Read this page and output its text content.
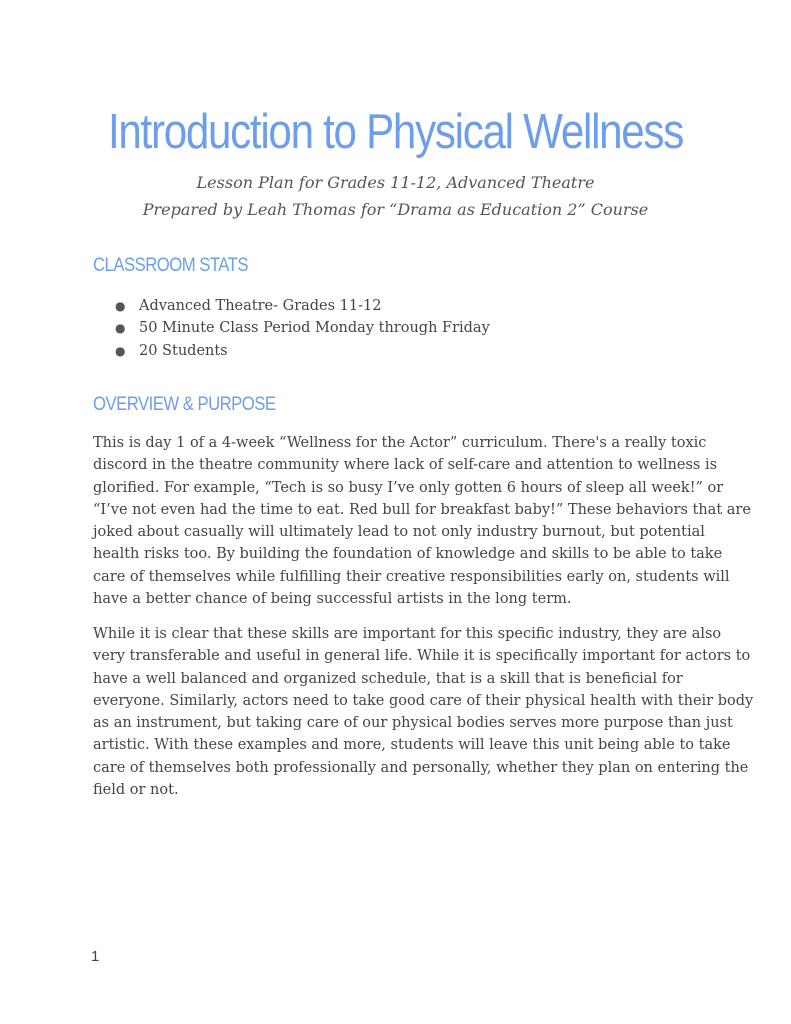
Introduction to Physical Wellness
Lesson Plan for Grades 11-12, Advanced Theatre
Prepared by Leah Thomas for “Drama as Education 2” Course
CLASSROOM STATS
● Advanced Theatre- Grades 11-12
● 50 Minute Class Period Monday through Friday
● 20 Students
OVERVIEW & PURPOSE
This is day 1 of a 4-week “Wellness for the Actor” curriculum. There's a really toxic
discord in the theatre community where lack of self-care and attention to wellness is
glorified. For example, “Tech is so busy I’ve only gotten 6 hours of sleep all week!” or
“I’ve not even had the time to eat. Red bull for breakfast baby!” These behaviors that are
joked about casually will ultimately lead to not only industry burnout, but potential
health risks too. By building the foundation of knowledge and skills to be able to take
care of themselves while fulfilling their creative responsibilities early on, students will
have a better chance of being successful artists in the long term.
While it is clear that these skills are important for this specific industry, they are also
very transferable and useful in general life. While it is specifically important for actors to
have a well balanced and organized schedule, that is a skill that is beneficial for
everyone. Similarly, actors need to take good care of their physical health with their body
as an instrument, but taking care of our physical bodies serves more purpose than just
artistic. With these examples and more, students will leave this unit being able to take
care of themselves both professionally and personally, whether they plan on entering the
field or not.
1
